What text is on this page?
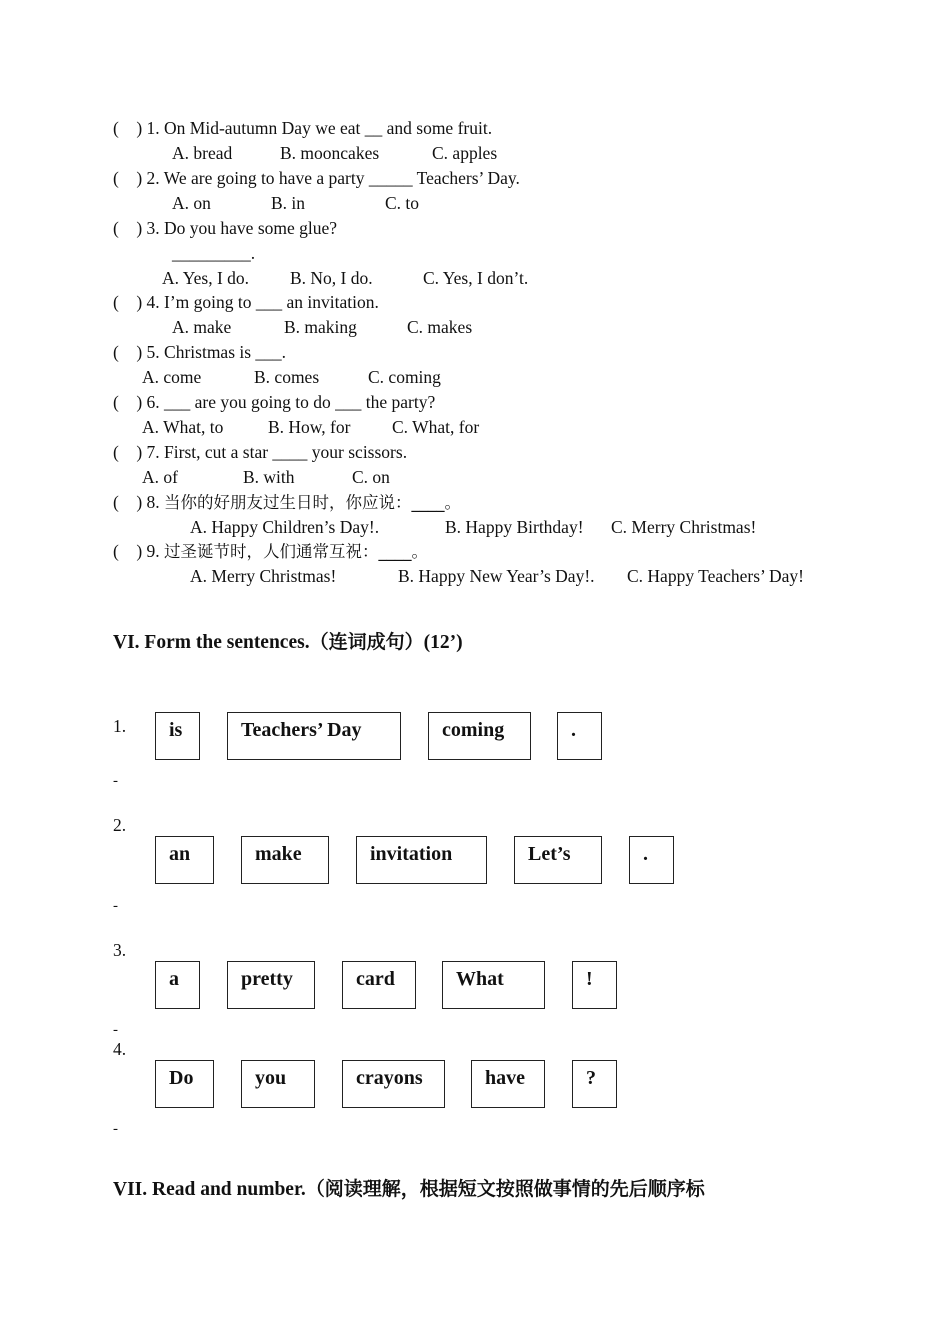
(    ) 1. On Mid-autumn Day we eat __ and some fruit.
A. bread	B. mooncakes	C. apples
(    ) 2. We are going to have a party _____ Teachers’ Day.
A. on	B. in	C. to
(    ) 3. Do you have some glue?
_________.
A. Yes, I do. B. No, I do.	C. Yes, I don’t.
(    ) 4. I’m going to ___ an invitation.
A. make	B. making	C. makes
(    ) 5. Christmas is ___.
A. come	B. comes	C. coming
(    ) 6. ___ are you going to do ___ the party?
A. What, to	B. How, for C. What, for
(    ) 7. First, cut a star ____ your scissors.
A. of	B. with	C. on
(    ) 8. 当你的好朋友过生日时，你应说：____。
A. Happy Children’s Day!.	B. Happy Birthday! C. Merry Christmas!
(    ) 9. 过圣诞节时，人们通常互祝：____。
A. Merry Christmas!	B. Happy New Year’s Day!. C. Happy Teachers’ Day!
VI. Form the sentences.（连词成句）(12’)
1.	is	Teachers’ Day	coming	.
-
2.
an	make	invitation	Let’s	.
-
3.
a	pretty	card	What	!
-
4.
Do	you	crayons	have	?
-
VII. Read and number.（阅读理解，根据短文按照做事情的先后顺序标
